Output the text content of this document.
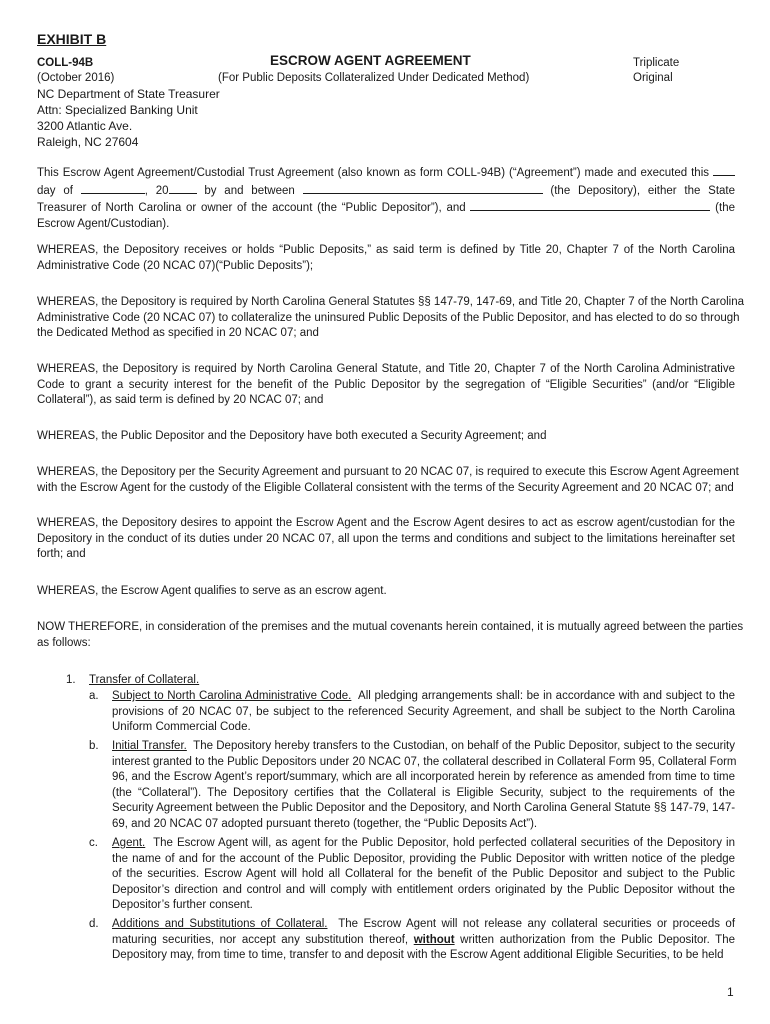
EXHIBIT B
COLL-94B
(October 2016)
ESCROW AGENT AGREEMENT
(For Public Deposits Collateralized Under Dedicated Method)
Triplicate
Original
NC Department of State Treasurer
Attn: Specialized Banking Unit
3200 Atlantic Ave.
Raleigh, NC 27604
This Escrow Agent Agreement/Custodial Trust Agreement (also known as form COLL-94B) (“Agreement”) made and executed this
day of	, 20	by and between	(the Depository), either the State
Treasurer of North Carolina or owner of the account (the “Public Depositor”), and	(the
Escrow Agent/Custodian).
WHEREAS, the Depository receives or holds “Public Deposits,” as said term is defined by Title 20, Chapter 7 of the North Carolina
Administrative Code (20 NCAC 07)(“Public Deposits”);
WHEREAS, the Depository is required by North Carolina General Statutes §§ 147-79, 147-69, and Title 20, Chapter 7 of the North Carolina
Administrative Code (20 NCAC 07) to collateralize the uninsured Public Deposits of the Public Depositor, and has elected to do so through
the Dedicated Method as specified in 20 NCAC 07; and
WHEREAS, the Depository is required by North Carolina General Statute, and Title 20, Chapter 7 of the North Carolina Administrative
Code to grant a security interest for the benefit of the Public Depositor by the segregation of “Eligible Securities” (and/or “Eligible
Collateral”), as said term is defined by 20 NCAC 07; and
WHEREAS, the Public Depositor and the Depository have both executed a Security Agreement; and
WHEREAS, the Depository per the Security Agreement and pursuant to 20 NCAC 07, is required to execute this Escrow Agent Agreement
with the Escrow Agent for the custody of the Eligible Collateral consistent with the terms of the Security Agreement and 20 NCAC 07; and
WHEREAS, the Depository desires to appoint the Escrow Agent and the Escrow Agent desires to act as escrow agent/custodian for the
Depository in the conduct of its duties under 20 NCAC 07, all upon the terms and conditions and subject to the limitations hereinafter set
forth; and
WHEREAS, the Escrow Agent qualifies to serve as an escrow agent.
NOW THEREFORE, in consideration of the premises and the mutual covenants herein contained, it is mutually agreed between the parties
as follows:
1. Transfer of Collateral.
a. Subject to North Carolina Administrative Code. All pledging arrangements shall: be in accordance with and subject to the
provisions of 20 NCAC 07, be subject to the referenced Security Agreement, and shall be subject to the North Carolina
Uniform Commercial Code.
b. Initial Transfer. The Depository hereby transfers to the Custodian, on behalf of the Public Depositor, subject to the security
interest granted to the Public Depositors under 20 NCAC 07, the collateral described in Collateral Form 95, Collateral Form
96, and the Escrow Agent’s report/summary, which are all incorporated herein by reference as amended from time to time
(the “Collateral”). The Depository certifies that the Collateral is Eligible Security, subject to the requirements of the
Security Agreement between the Public Depositor and the Depository, and North Carolina General Statute §§ 147-79, 147-
69, and 20 NCAC 07 adopted pursuant thereto (together, the “Public Deposits Act”).
c. Agent. The Escrow Agent will, as agent for the Public Depositor, hold perfected collateral securities of the Depository in
the name of and for the account of the Public Depositor, providing the Public Depositor with written notice of the pledge
of the securities. Escrow Agent will hold all Collateral for the benefit of the Public Depositor and subject to the Public
Depositor’s direction and control and will comply with entitlement orders originated by the Public Depositor without the
Depositor’s further consent.
d. Additions and Substitutions of Collateral. The Escrow Agent will not release any collateral securities or proceeds of
maturing securities, nor accept any substitution thereof, without written authorization from the Public Depositor. The
Depository may, from time to time, transfer to and deposit with the Escrow Agent additional Eligible Securities, to be held
1
